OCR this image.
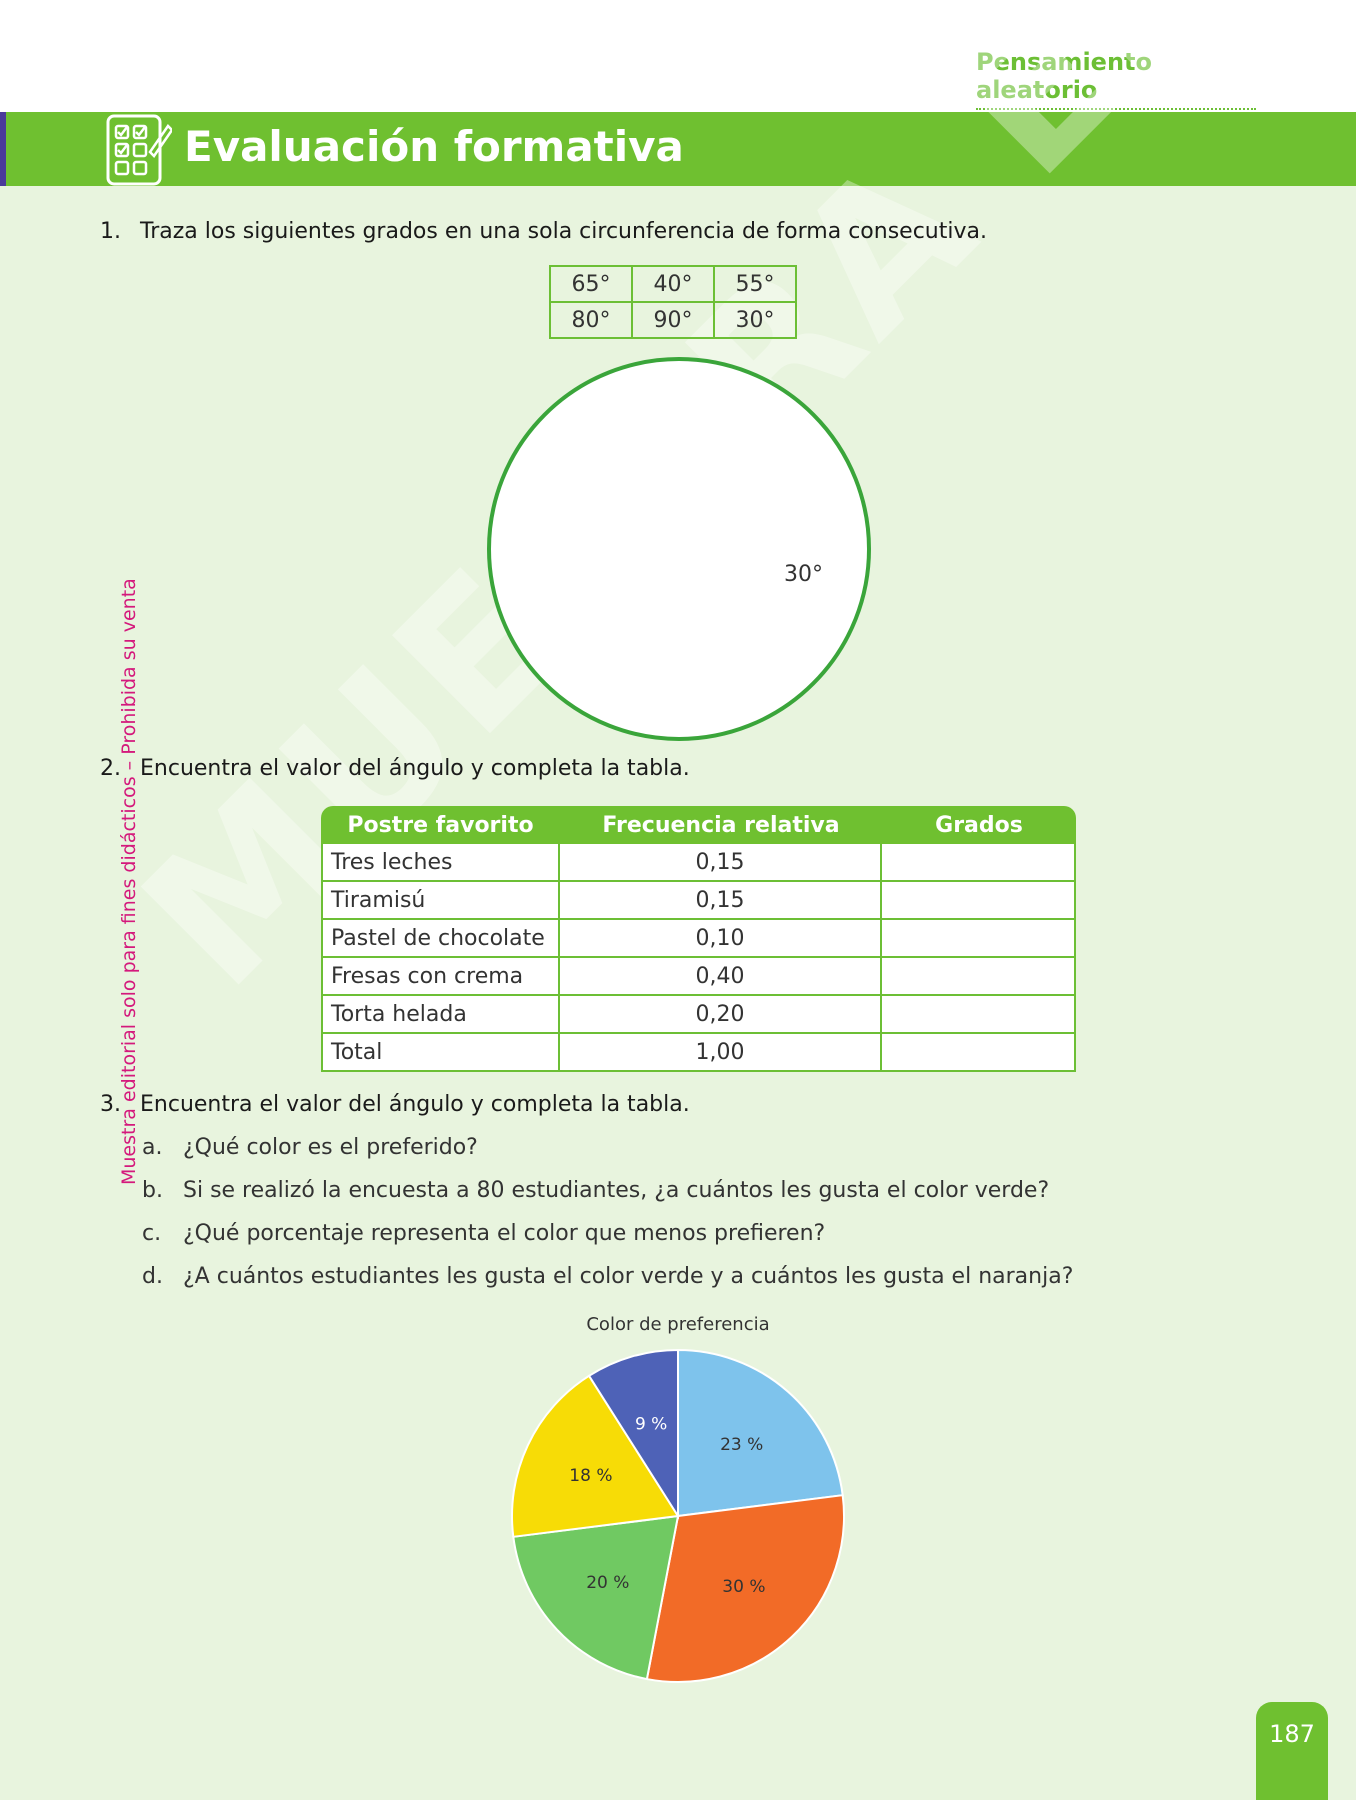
Pensamiento aleatorio
Evaluación formativa
Muestra editorial solo para fines didácticos – Prohibida su venta
1. Traza los siguientes grados en una sola circunferencia de forma consecutiva.
65°	40°	55°
80°	90°	30°
30°
2. Encuentra el valor del ángulo y completa la tabla.
Postre favorito	Frecuencia relativa	Grados
Tres leches	0,15	
Tiramisú	0,15	
Pastel de chocolate	0,10	
Fresas con crema	0,40	
Torta helada	0,20	
Total	1,00	
3. Encuentra el valor del ángulo y completa la tabla.
a. ¿Qué color es el preferido?
b. Si se realizó la encuesta a 80 estudiantes, ¿a cuántos les gusta el color verde?
c. ¿Qué porcentaje representa el color que menos prefieren?
d. ¿A cuántos estudiantes les gusta el color verde y a cuántos les gusta el naranja?
Color de preferencia
23 %
30 %
20 %
18 %
9 %
187
